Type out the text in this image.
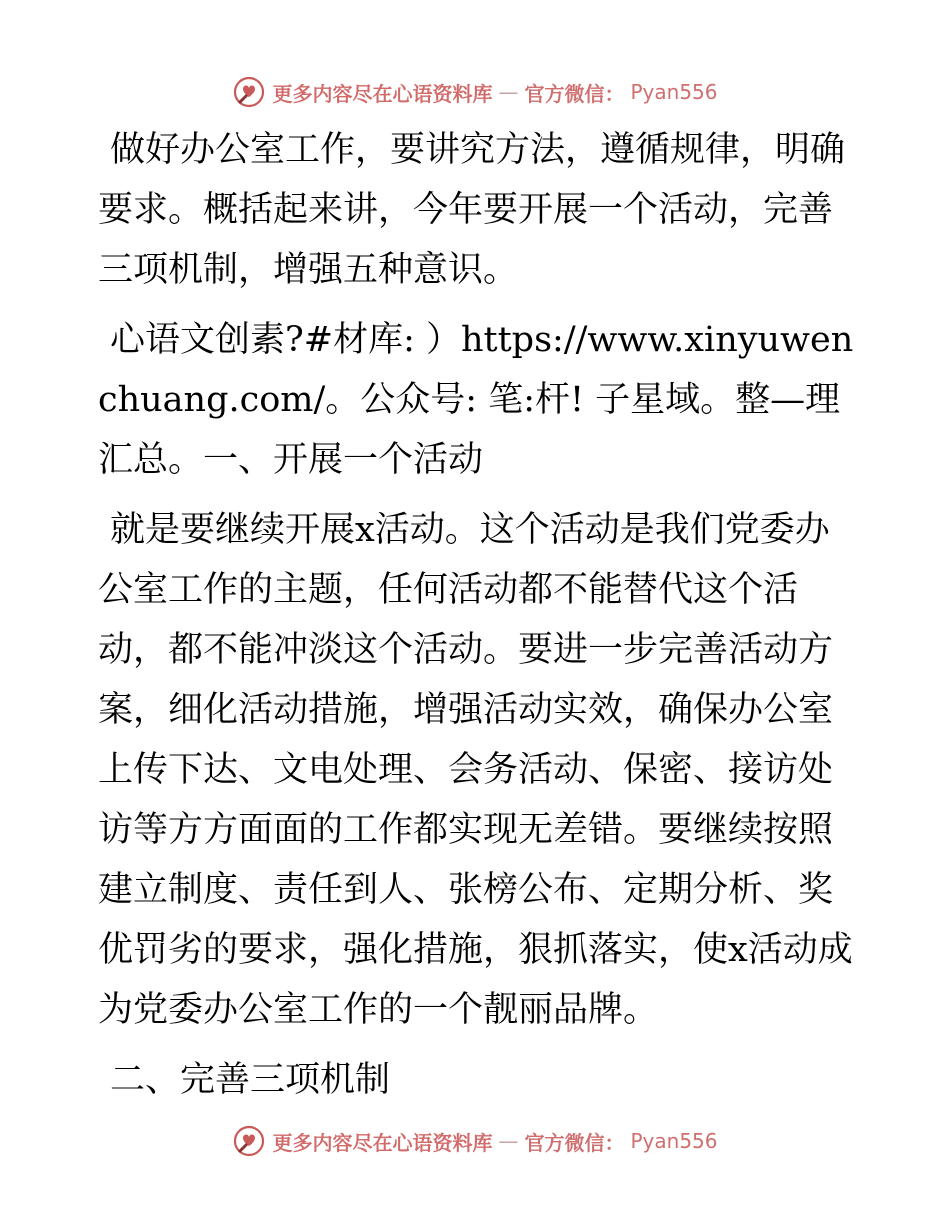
更多内容尽在心语资料库 — 官方微信： Pyan556

做好办公室工作，要讲究方法，遵循规律，明确要求。概括起来讲，今年要开展一个活动，完善三项机制，增强五种意识。

心语文创素?#材库: ）https://www.xinyuwenchuang.com/。公众号: 笔:杆! 子星域。整—理汇总。一、开展一个活动

就是要继续开展x活动。这个活动是我们党委办公室工作的主题，任何活动都不能替代这个活动，都不能冲淡这个活动。要进一步完善活动方案，细化活动措施，增强活动实效，确保办公室上传下达、文电处理、会务活动、保密、接访处访等方方面面的工作都实现无差错。要继续按照建立制度、责任到人、张榜公布、定期分析、奖优罚劣的要求，强化措施，狠抓落实，使x活动成为党委办公室工作的一个靓丽品牌。

二、完善三项机制

更多内容尽在心语资料库 — 官方微信： Pyan556
